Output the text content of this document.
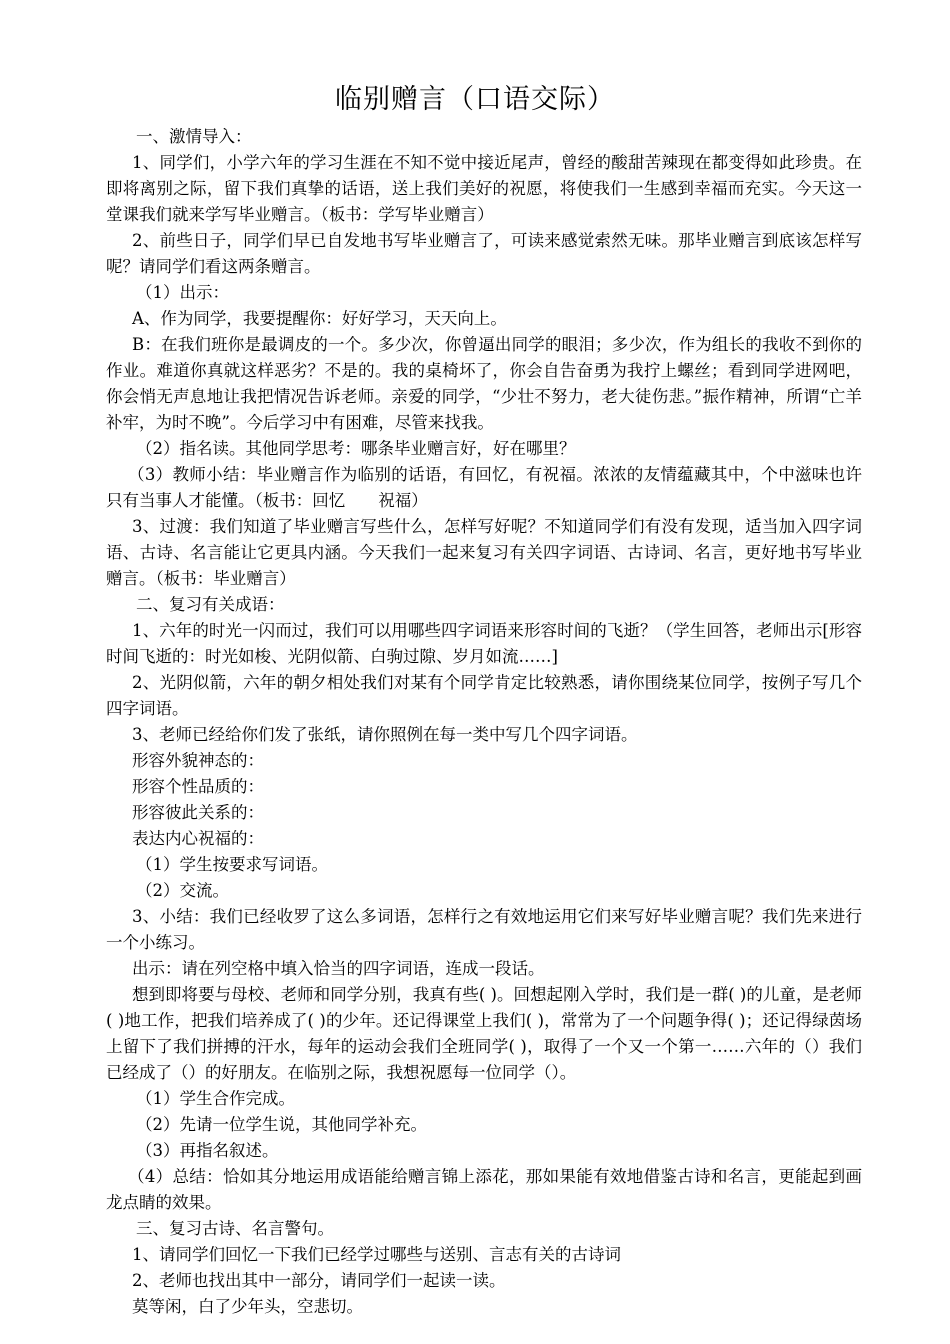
临别赠言（口语交际）

一、激情导入：

1、同学们，小学六年的学习生涯在不知不觉中接近尾声，曾经的酸甜苦辣现在都变得如此珍贵。在即将离别之际，留下我们真挚的话语，送上我们美好的祝愿，将使我们一生感到幸福而充实。今天这一堂课我们就来学写毕业赠言。（板书：学写毕业赠言）

2、前些日子，同学们早已自发地书写毕业赠言了，可读来感觉索然无味。那毕业赠言到底该怎样写呢？请同学们看这两条赠言。

（1）出示：

A、作为同学，我要提醒你：好好学习，天天向上。

B：在我们班你是最调皮的一个。多少次，你曾逼出同学的眼泪；多少次，作为组长的我收不到你的作业。难道你真就这样恶劣？不是的。我的桌椅坏了，你会自告奋勇为我拧上螺丝；看到同学进网吧，你会悄无声息地让我把情况告诉老师。亲爱的同学，“少壮不努力，老大徒伤悲。”振作精神，所谓“亡羊补牢，为时不晚”。今后学习中有困难，尽管来找我。

（2）指名读。其他同学思考：哪条毕业赠言好，好在哪里？

（3）教师小结：毕业赠言作为临别的话语，有回忆，有祝福。浓浓的友情蕴藏其中，个中滋味也许只有当事人才能懂。（板书：回忆　　祝福）

3、过渡：我们知道了毕业赠言写些什么，怎样写好呢？不知道同学们有没有发现，适当加入四字词语、古诗、名言能让它更具内涵。今天我们一起来复习有关四字词语、古诗词、名言，更好地书写毕业赠言。（板书：毕业赠言）

二、复习有关成语：

1、六年的时光一闪而过，我们可以用哪些四字词语来形容时间的飞逝？（学生回答，老师出示[形容时间飞逝的：时光如梭、光阴似箭、白驹过隙、岁月如流……]

2、光阴似箭，六年的朝夕相处我们对某有个同学肯定比较熟悉，请你围绕某位同学，按例子写几个四字词语。

3、老师已经给你们发了张纸，请你照例在每一类中写几个四字词语。

形容外貌神态的：

形容个性品质的：

形容彼此关系的：

表达内心祝福的：

（1）学生按要求写词语。

（2）交流。

3、小结：我们已经收罗了这么多词语，怎样行之有效地运用它们来写好毕业赠言呢？我们先来进行一个小练习。

出示：请在列空格中填入恰当的四字词语，连成一段话。

想到即将要与母校、老师和同学分别，我真有些( )。回想起刚入学时，我们是一群( )的儿童，是老师( )地工作，把我们培养成了( )的少年。还记得课堂上我们( )，常常为了一个问题争得( )；还记得绿茵场上留下了我们拼搏的汗水，每年的运动会我们全班同学( )，取得了一个又一个第一……六年的（）我们已经成了（）的好朋友。在临别之际，我想祝愿每一位同学（）。

（1）学生合作完成。

（2）先请一位学生说，其他同学补充。

（3）再指名叙述。

（4）总结：恰如其分地运用成语能给赠言锦上添花，那如果能有效地借鉴古诗和名言，更能起到画龙点睛的效果。

三、复习古诗、名言警句。

1、请同学们回忆一下我们已经学过哪些与送别、言志有关的古诗词

2、老师也找出其中一部分，请同学们一起读一读。

莫等闲，白了少年头，空悲切。
